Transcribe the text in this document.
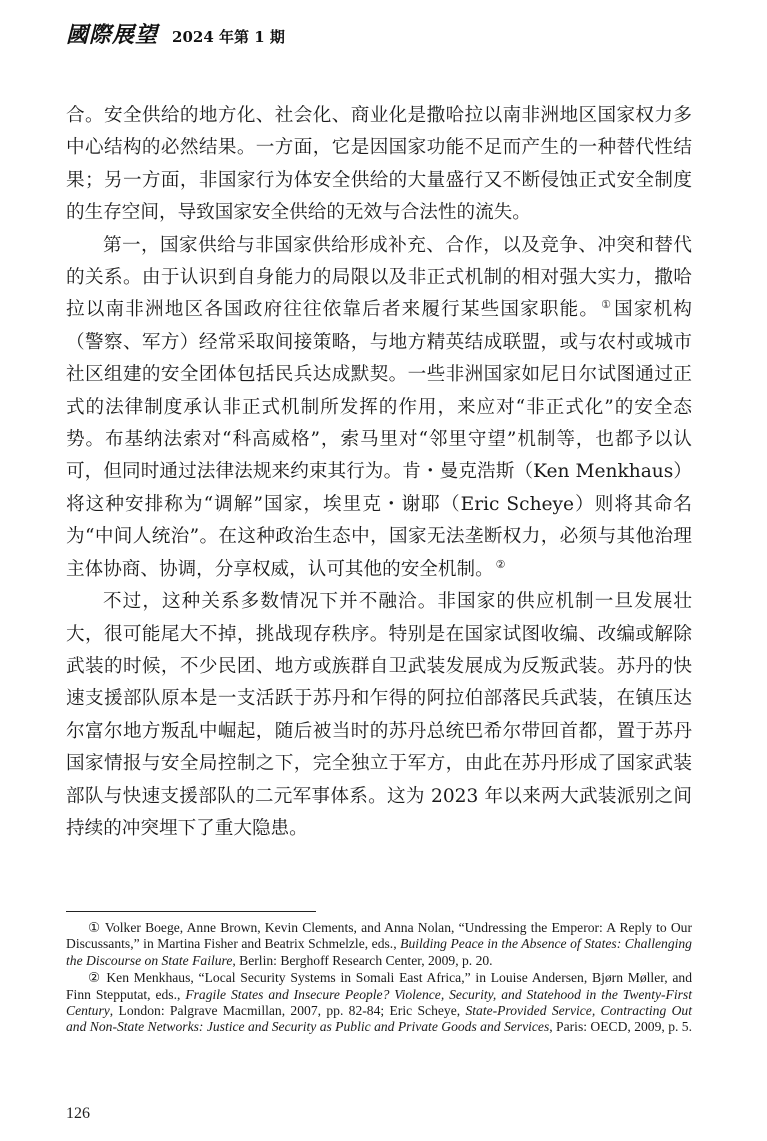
國際展望 2024 年第 1 期

合。安全供给的地方化、社会化、商业化是撒哈拉以南非洲地区国家权力多中心结构的必然结果。一方面，它是因国家功能不足而产生的一种替代性结果；另一方面，非国家行为体安全供给的大量盛行又不断侵蚀正式安全制度的生存空间，导致国家安全供给的无效与合法性的流失。

第一，国家供给与非国家供给形成补充、合作，以及竞争、冲突和替代的关系。由于认识到自身能力的局限以及非正式机制的相对强大实力，撒哈拉以南非洲地区各国政府往往依靠后者来履行某些国家职能。 ① 国家机构（警察、军方）经常采取间接策略，与地方精英结成联盟，或与农村或城市社区组建的安全团体包括民兵达成默契。一些非洲国家如尼日尔试图通过正式的法律制度承认非正式机制所发挥的作用，来应对“非正式化”的安全态势。布基纳法索对“科高威格”，索马里对“邻里守望”机制等，也都予以认可，但同时通过法律法规来约束其行为。肯・曼克浩斯（Ken Menkhaus）将这种安排称为“调解”国家，埃里克・谢耶（Eric Scheye）则将其命名为“中间人统治”。在这种政治生态中，国家无法垄断权力，必须与其他治理主体协商、协调，分享权威，认可其他的安全机制。 ②

不过，这种关系多数情况下并不融洽。非国家的供应机制一旦发展壮大，很可能尾大不掉，挑战现存秩序。特别是在国家试图收编、改编或解除武装的时候，不少民团、地方或族群自卫武装发展成为反叛武装。苏丹的快速支援部队原本是一支活跃于苏丹和乍得的阿拉伯部落民兵武装，在镇压达尔富尔地方叛乱中崛起，随后被当时的苏丹总统巴希尔带回首都，置于苏丹国家情报与安全局控制之下，完全独立于军方，由此在苏丹形成了国家武装部队与快速支援部队的二元军事体系。这为 2023 年以来两大武装派别之间持续的冲突埋下了重大隐患。

① Volker Boege, Anne Brown, Kevin Clements, and Anna Nolan, “Undressing the Emperor: A Reply to Our Discussants,” in Martina Fisher and Beatrix Schmelzle, eds., Building Peace in the Absence of States: Challenging the Discourse on State Failure, Berlin: Berghoff Research Center, 2009, p. 20.

② Ken Menkhaus, “Local Security Systems in Somali East Africa,” in Louise Andersen, Bjørn Møller, and Finn Stepputat, eds., Fragile States and Insecure People? Violence, Security, and Statehood in the Twenty-First Century, London: Palgrave Macmillan, 2007, pp. 82-84; Eric Scheye, State-Provided Service, Contracting Out and Non-State Networks: Justice and Security as Public and Private Goods and Services, Paris: OECD, 2009, p. 5.

126
